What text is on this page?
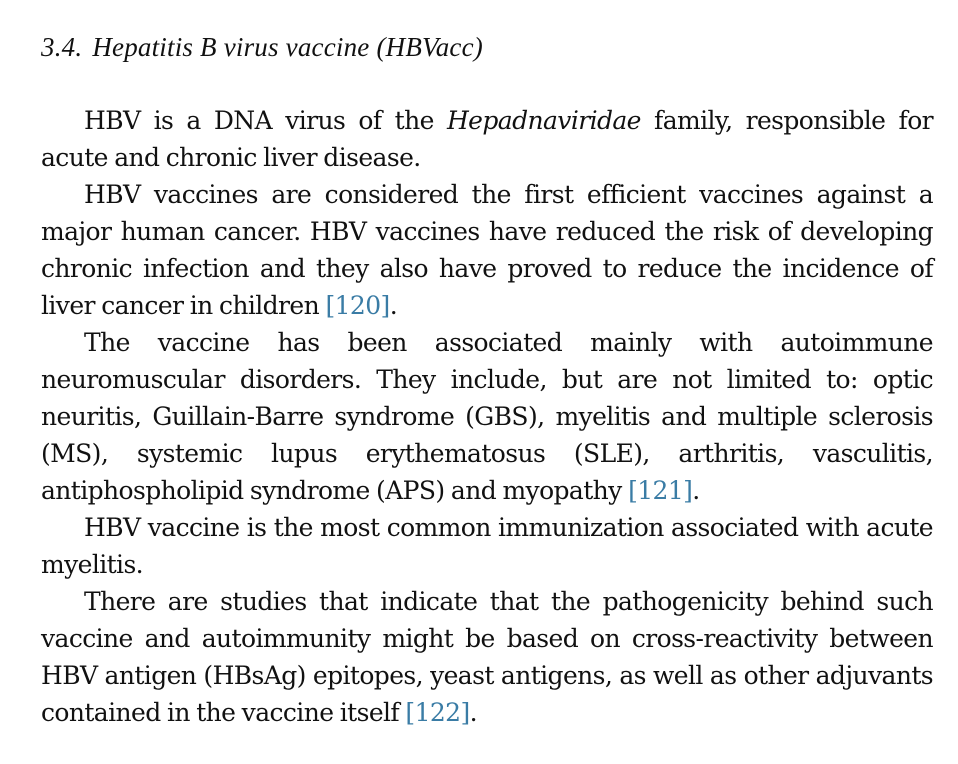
3.4. Hepatitis B virus vaccine (HBVacc)

HBV is a DNA virus of the Hepadnaviridae family, responsible for acute and chronic liver disease.

HBV vaccines are considered the first efficient vaccines against a major human cancer. HBV vaccines have reduced the risk of developing chronic infection and they also have proved to reduce the incidence of liver cancer in children [120].

The vaccine has been associated mainly with autoimmune neuromuscular disorders. They include, but are not limited to: optic neuritis, Guillain-Barre syndrome (GBS), myelitis and multiple sclerosis (MS), systemic lupus erythematosus (SLE), arthritis, vasculitis, antiphospholipid syndrome (APS) and myopathy [121].

HBV vaccine is the most common immunization associated with acute myelitis.

There are studies that indicate that the pathogenicity behind such vaccine and autoimmunity might be based on cross-reactivity between HBV antigen (HBsAg) epitopes, yeast antigens, as well as other adjuvants contained in the vaccine itself [122].
